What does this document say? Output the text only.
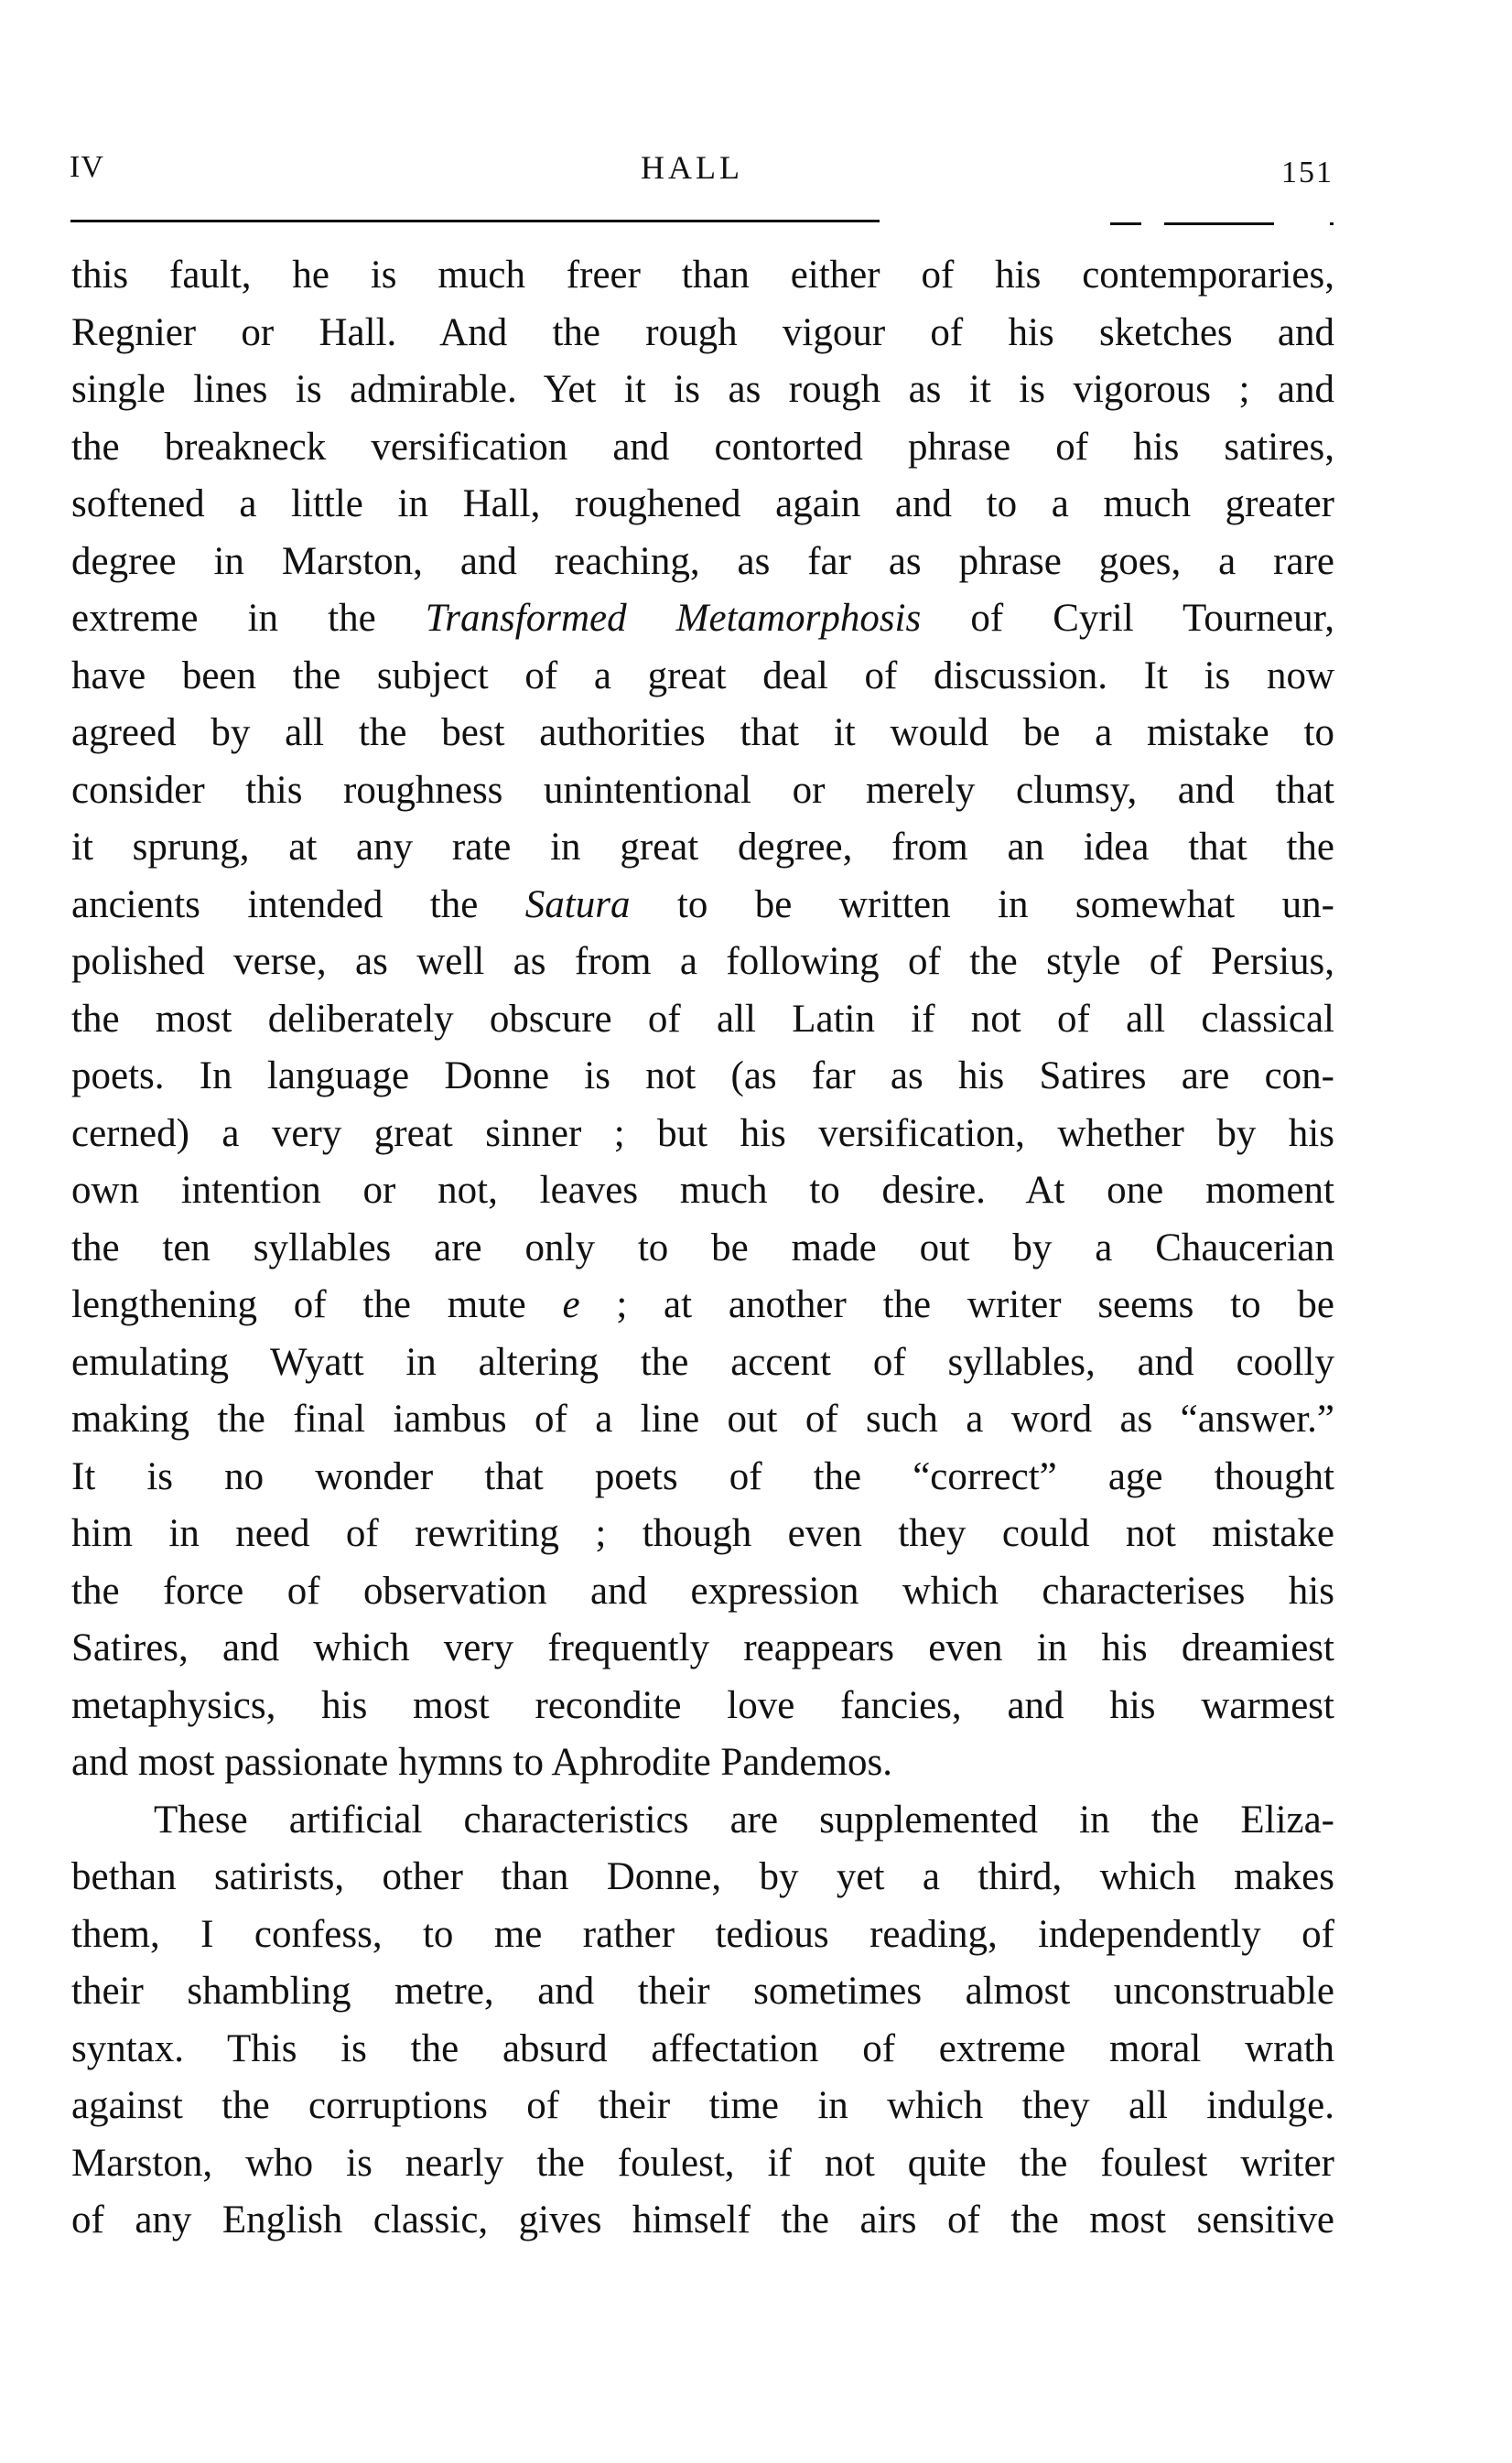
IV	HALL	151
this fault, he is much freer than either of his contemporaries,
Regnier or Hall. And the rough vigour of his sketches and
single lines is admirable. Yet it is as rough as it is vigorous ; and
the breakneck versification and contorted phrase of his satires,
softened a little in Hall, roughened again and to a much greater
degree in Marston, and reaching, as far as phrase goes, a rare
extreme in the Transformed Metamorphosis of Cyril Tourneur,
have been the subject of a great deal of discussion. It is now
agreed by all the best authorities that it would be a mistake to
consider this roughness unintentional or merely clumsy, and that
it sprung, at any rate in great degree, from an idea that the
ancients intended the Satura to be written in somewhat un-
polished verse, as well as from a following of the style of Persius,
the most deliberately obscure of all Latin if not of all classical
poets. In language Donne is not (as far as his Satires are con-
cerned) a very great sinner ; but his versification, whether by his
own intention or not, leaves much to desire. At one moment
the ten syllables are only to be made out by a Chaucerian
lengthening of the mute e ; at another the writer seems to be
emulating Wyatt in altering the accent of syllables, and coolly
making the final iambus of a line out of such a word as “answer.”
It is no wonder that poets of the “correct” age thought
him in need of rewriting ; though even they could not mistake
the force of observation and expression which characterises his
Satires, and which very frequently reappears even in his dreamiest
metaphysics, his most recondite love fancies, and his warmest
and most passionate hymns to Aphrodite Pandemos.
These artificial characteristics are supplemented in the Eliza-
bethan satirists, other than Donne, by yet a third, which makes
them, I confess, to me rather tedious reading, independently of
their shambling metre, and their sometimes almost unconstruable
syntax. This is the absurd affectation of extreme moral wrath
against the corruptions of their time in which they all indulge.
Marston, who is nearly the foulest, if not quite the foulest writer
of any English classic, gives himself the airs of the most sensitive
